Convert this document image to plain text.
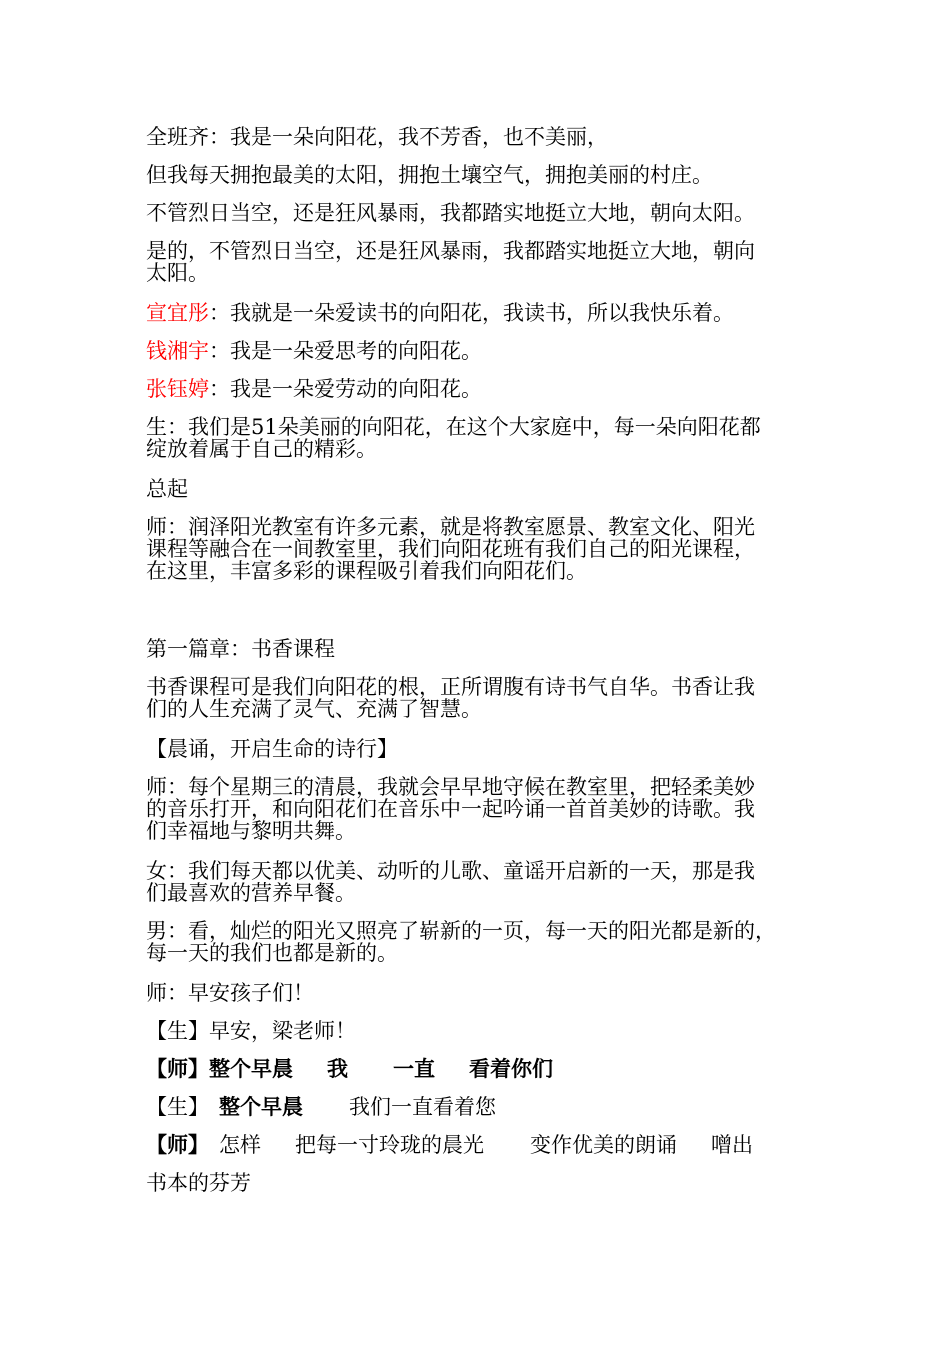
全班齐：我是一朵向阳花，我不芳香，也不美丽，
但我每天拥抱最美的太阳，拥抱土壤空气，拥抱美丽的村庄。
不管烈日当空，还是狂风暴雨，我都踏实地挺立大地，朝向太阳。
是的，不管烈日当空，还是狂风暴雨，我都踏实地挺立大地，朝向
太阳。
宣宜彤：我就是一朵爱读书的向阳花，我读书，所以我快乐着。
钱湘宇：我是一朵爱思考的向阳花。
张钰婷：我是一朵爱劳动的向阳花。
生：我们是51朵美丽的向阳花，在这个大家庭中，每一朵向阳花都
绽放着属于自己的精彩。
总起
师：润泽阳光教室有许多元素，就是将教室愿景、教室文化、阳光
课程等融合在一间教室里，我们向阳花班有我们自己的阳光课程，
在这里，丰富多彩的课程吸引着我们向阳花们。
第一篇章：书香课程
书香课程可是我们向阳花的根，正所谓腹有诗书气自华。书香让我
们的人生充满了灵气、充满了智慧。
【晨诵，开启生命的诗行】
师：每个星期三的清晨，我就会早早地守候在教室里，把轻柔美妙
的音乐打开，和向阳花们在音乐中一起吟诵一首首美妙的诗歌。我
们幸福地与黎明共舞。
女：我们每天都以优美、动听的儿歌、童谣开启新的一天，那是我
们最喜欢的营养早餐。
男：看，灿烂的阳光又照亮了崭新的一页，每一天的阳光都是新的，
每一天的我们也都是新的。
师：早安孩子们！
【生】早安，梁老师！
【师】整个早晨 我 一直 看着你们
【生】 整个早晨 我们一直看着您
【师】 怎样 把每一寸玲珑的晨光 变作优美的朗诵 噌出
书本的芬芳
